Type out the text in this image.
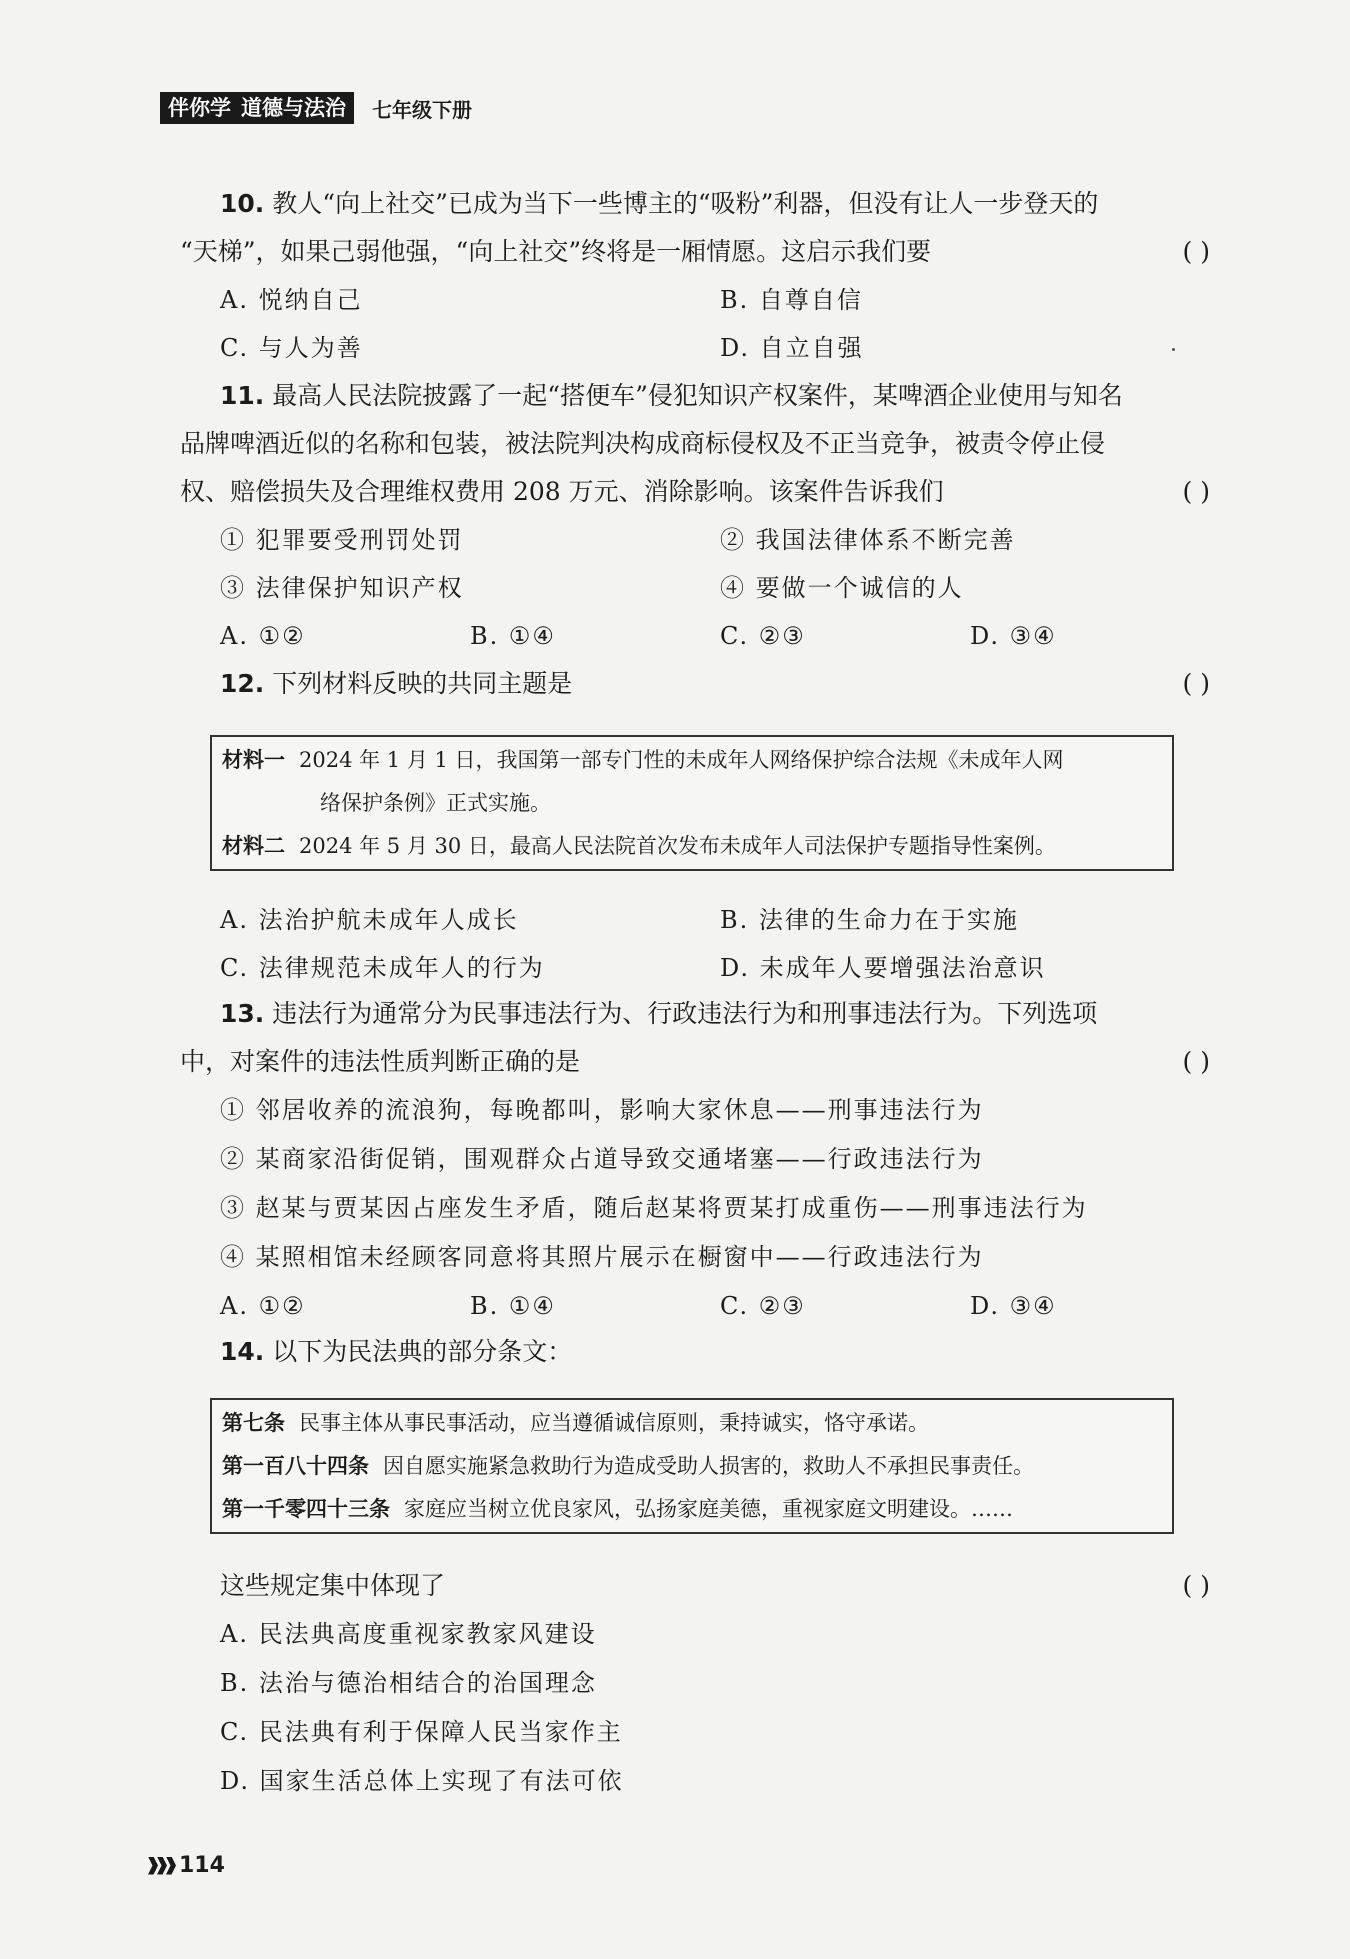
伴你学 道德与法治 七年级下册
10. 教人“向上社交”已成为当下一些博主的“吸粉”利器，但没有让人一步登天的
“天梯”，如果己弱他强，“向上社交”终将是一厢情愿。这启示我们要	( )
A. 悦纳自己	B. 自尊自信
C. 与人为善	D. 自立自强
11. 最高人民法院披露了一起“搭便车”侵犯知识产权案件，某啤酒企业使用与知名
品牌啤酒近似的名称和包装，被法院判决构成商标侵权及不正当竞争，被责令停止侵
权、赔偿损失及合理维权费用 208 万元、消除影响。该案件告诉我们	( )
① 犯罪要受刑罚处罚	② 我国法律体系不断完善
③ 法律保护知识产权	④ 要做一个诚信的人
A. ①②	B. ①④	C. ②③	D. ③④
12. 下列材料反映的共同主题是	( )
材料一 2024 年 1 月 1 日，我国第一部专门性的未成年人网络保护综合法规《未成年人网
络保护条例》正式实施。
材料二 2024 年 5 月 30 日，最高人民法院首次发布未成年人司法保护专题指导性案例。
A. 法治护航未成年人成长	B. 法律的生命力在于实施
C. 法律规范未成年人的行为	D. 未成年人要增强法治意识
13. 违法行为通常分为民事违法行为、行政违法行为和刑事违法行为。下列选项
中，对案件的违法性质判断正确的是	( )
① 邻居收养的流浪狗，每晚都叫，影响大家休息——刑事违法行为
② 某商家沿街促销，围观群众占道导致交通堵塞——行政违法行为
③ 赵某与贾某因占座发生矛盾，随后赵某将贾某打成重伤——刑事违法行为
④ 某照相馆未经顾客同意将其照片展示在橱窗中——行政违法行为
A. ①②	B. ①④	C. ②③	D. ③④
14. 以下为民法典的部分条文：
第七条 民事主体从事民事活动，应当遵循诚信原则，秉持诚实，恪守承诺。
第一百八十四条 因自愿实施紧急救助行为造成受助人损害的，救助人不承担民事责任。
第一千零四十三条 家庭应当树立优良家风，弘扬家庭美德，重视家庭文明建设。……
这些规定集中体现了	( )
A. 民法典高度重视家教家风建设
B. 法治与德治相结合的治国理念
C. 民法典有利于保障人民当家作主
D. 国家生活总体上实现了有法可依
114
